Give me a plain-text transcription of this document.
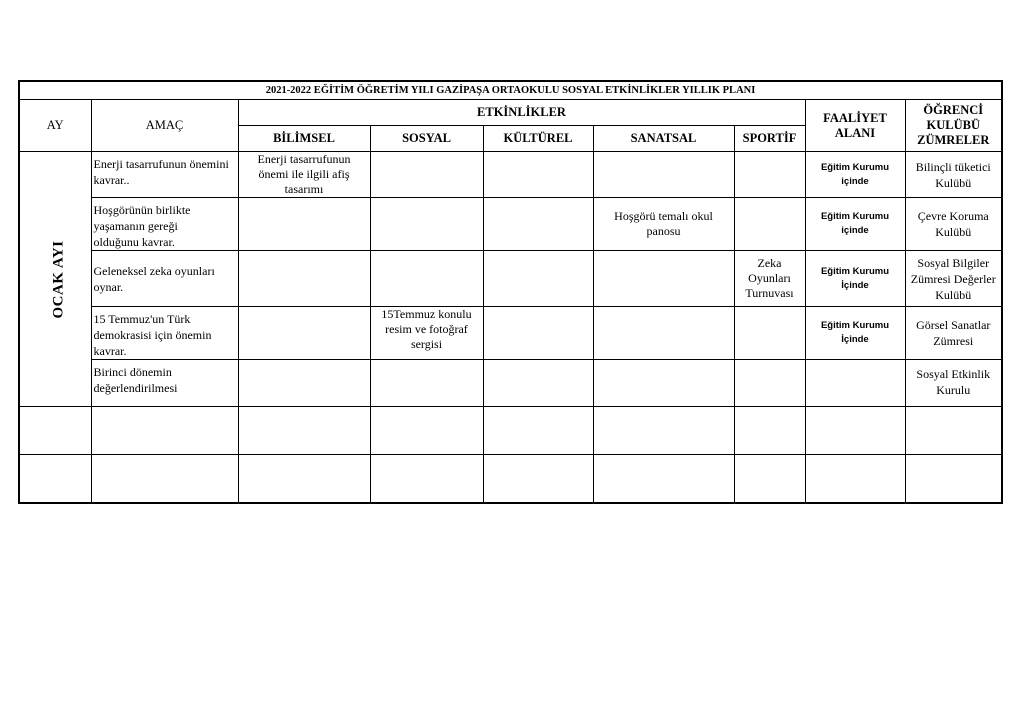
2021-2022 EĞİTİM ÖĞRETİM YILI GAZİPAŞA ORTAOKULU SOSYAL ETKİNLİKLER YILLIK PLANI								
AY	AMAÇ	ETKİNLİKLER					FAALİYET ALANI	ÖĞRENCİ KULÜBÜ ZÜMRELER
		BİLİMSEL	SOSYAL	KÜLTÜREL	SANATSAL	SPORTİF		
OCAK AYI	Enerji tasarrufunun önemini kavrar..	Enerji tasarrufunun önemi ile ilgili afiş tasarımı					Eğitim Kurumu içinde	Bilinçli tüketici Kulübü
	Hoşgörünün birlikte yaşamanın gereği olduğunu kavrar.				Hoşgörü temalı okul panosu		Eğitim Kurumu içinde	Çevre Koruma Kulübü
	Geleneksel zeka oyunları oynar.					Zeka Oyunları Turnuvası	Eğitim Kurumu İçinde	Sosyal Bilgiler Zümresi Değerler Kulübü
	15 Temmuz'un Türk demokrasisi için önemin kavrar.		15Temmuz konulu resim ve fotoğraf sergisi				Eğitim Kurumu İçinde	Görsel Sanatlar Zümresi
	Birinci dönemin değerlendirilmesi							Sosyal Etkinlik Kurulu
